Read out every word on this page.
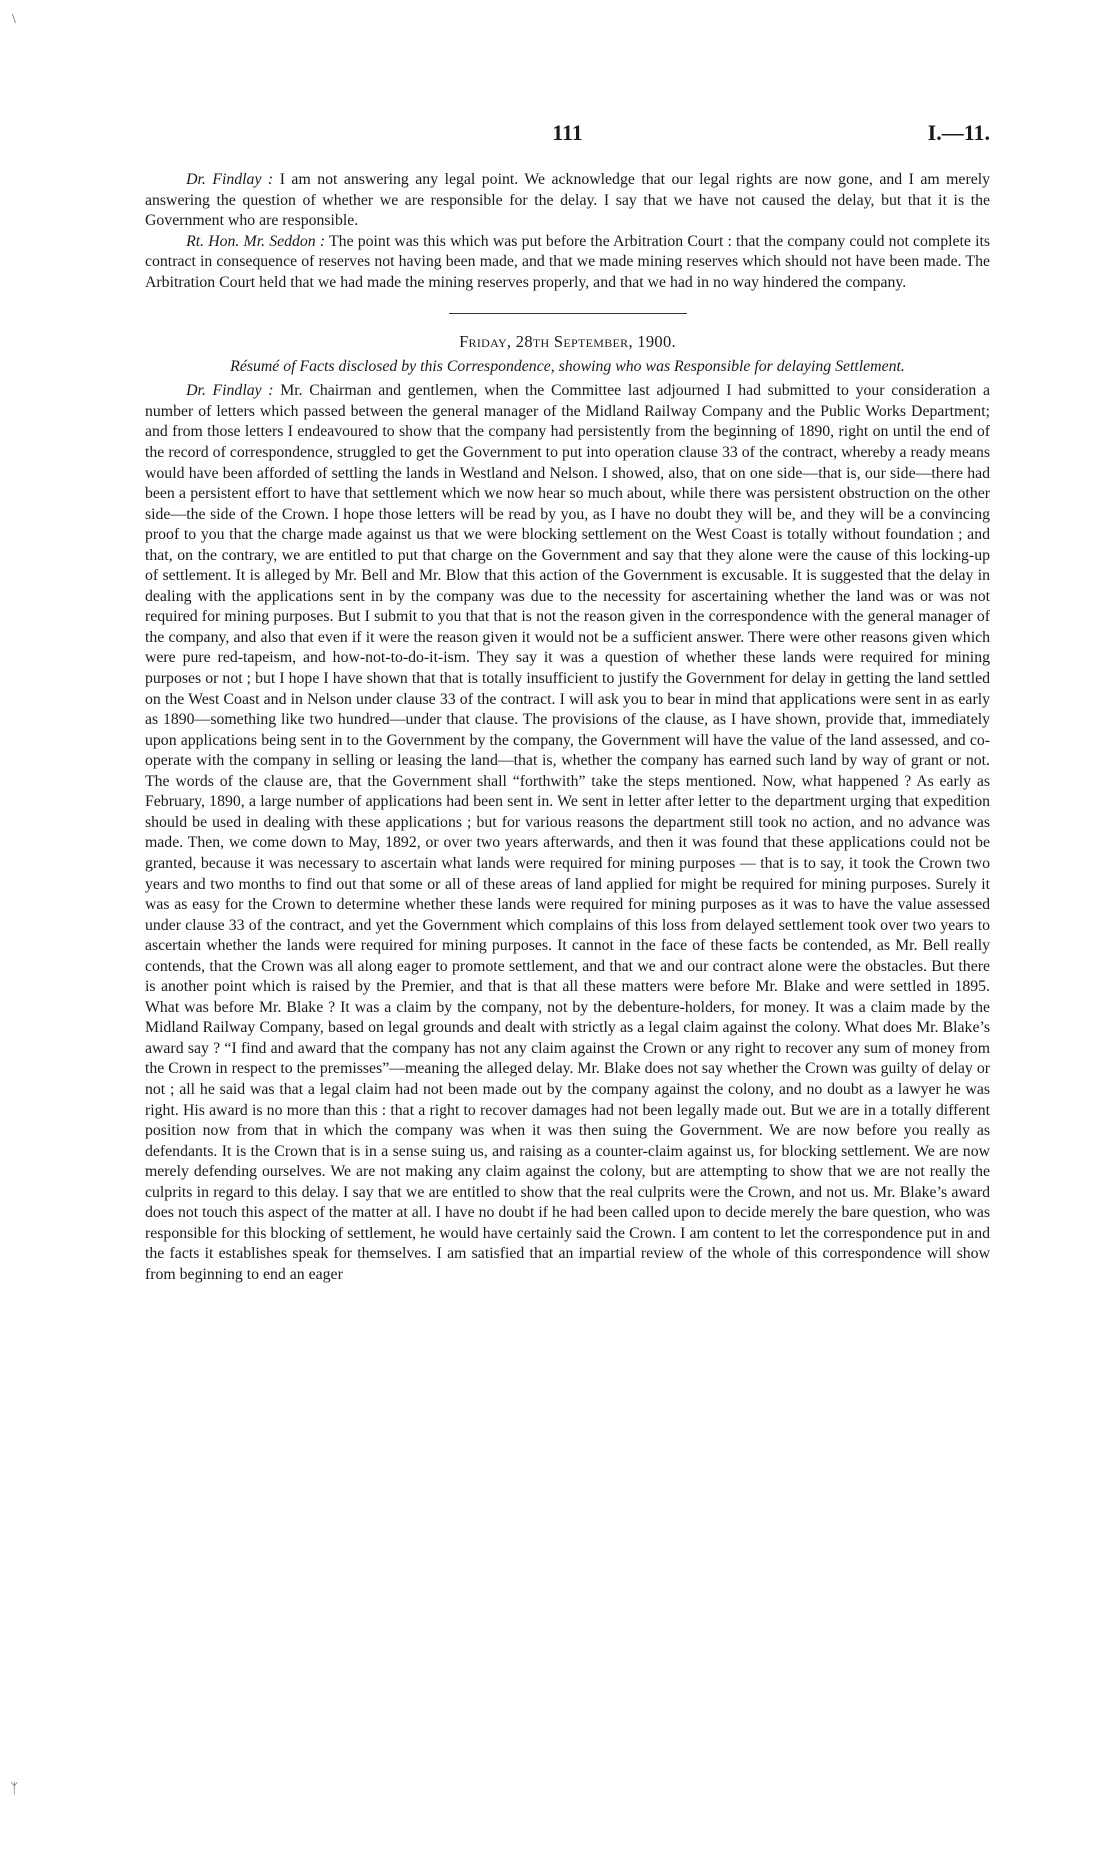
\
ᛉ
111	I.—11.

Dr. Findlay : I am not answering any legal point. We acknowledge that our legal rights are now gone, and I am merely answering the question of whether we are responsible for the delay. I say that we have not caused the delay, but that it is the Government who are responsible.

Rt. Hon. Mr. Seddon : The point was this which was put before the Arbitration Court : that the company could not complete its contract in consequence of reserves not having been made, and that we made mining reserves which should not have been made. The Arbitration Court held that we had made the mining reserves properly, and that we had in no way hindered the company.

Friday, 28th September, 1900.
Résumé of Facts disclosed by this Correspondence, showing who was Responsible for delaying Settlement.

Dr. Findlay : Mr. Chairman and gentlemen, when the Committee last adjourned I had submitted to your consideration a number of letters which passed between the general manager of the Midland Railway Company and the Public Works Department; and from those letters I endeavoured to show that the company had persistently from the beginning of 1890, right on until the end of the record of correspondence, struggled to get the Government to put into operation clause 33 of the contract, whereby a ready means would have been afforded of settling the lands in Westland and Nelson. I showed, also, that on one side—that is, our side—there had been a persistent effort to have that settlement which we now hear so much about, while there was persistent obstruction on the other side—the side of the Crown. I hope those letters will be read by you, as I have no doubt they will be, and they will be a convincing proof to you that the charge made against us that we were blocking settlement on the West Coast is totally without foundation ; and that, on the contrary, we are entitled to put that charge on the Government and say that they alone were the cause of this locking-up of settlement. It is alleged by Mr. Bell and Mr. Blow that this action of the Government is excusable. It is suggested that the delay in dealing with the applications sent in by the company was due to the necessity for ascertaining whether the land was or was not required for mining purposes. But I submit to you that that is not the reason given in the correspondence with the general manager of the company, and also that even if it were the reason given it would not be a sufficient answer. There were other reasons given which were pure red-tapeism, and how-not-to-do-it-ism. They say it was a question of whether these lands were required for mining purposes or not ; but I hope I have shown that that is totally insufficient to justify the Government for delay in getting the land settled on the West Coast and in Nelson under clause 33 of the contract. I will ask you to bear in mind that applications were sent in as early as 1890—something like two hundred—under that clause. The provisions of the clause, as I have shown, provide that, immediately upon applications being sent in to the Government by the company, the Government will have the value of the land assessed, and co-operate with the company in selling or leasing the land—that is, whether the company has earned such land by way of grant or not. The words of the clause are, that the Government shall “forthwith” take the steps mentioned. Now, what happened ? As early as February, 1890, a large number of applications had been sent in. We sent in letter after letter to the department urging that expedition should be used in dealing with these applications ; but for various reasons the department still took no action, and no advance was made. Then, we come down to May, 1892, or over two years afterwards, and then it was found that these applications could not be granted, because it was necessary to ascertain what lands were required for mining purposes — that is to say, it took the Crown two years and two months to find out that some or all of these areas of land applied for might be required for mining purposes. Surely it was as easy for the Crown to determine whether these lands were required for mining purposes as it was to have the value assessed under clause 33 of the contract, and yet the Government which complains of this loss from delayed settlement took over two years to ascertain whether the lands were required for mining purposes. It cannot in the face of these facts be contended, as Mr. Bell really contends, that the Crown was all along eager to promote settlement, and that we and our contract alone were the obstacles. But there is another point which is raised by the Premier, and that is that all these matters were before Mr. Blake and were settled in 1895. What was before Mr. Blake ? It was a claim by the company, not by the debenture-holders, for money. It was a claim made by the Midland Railway Company, based on legal grounds and dealt with strictly as a legal claim against the colony. What does Mr. Blake’s award say ? “I find and award that the company has not any claim against the Crown or any right to recover any sum of money from the Crown in respect to the premisses”—meaning the alleged delay. Mr. Blake does not say whether the Crown was guilty of delay or not ; all he said was that a legal claim had not been made out by the company against the colony, and no doubt as a lawyer he was right. His award is no more than this : that a right to recover damages had not been legally made out. But we are in a totally different position now from that in which the company was when it was then suing the Government. We are now before you really as defendants. It is the Crown that is in a sense suing us, and raising as a counter-claim against us, for blocking settlement. We are now merely defending ourselves. We are not making any claim against the colony, but are attempting to show that we are not really the culprits in regard to this delay. I say that we are entitled to show that the real culprits were the Crown, and not us. Mr. Blake’s award does not touch this aspect of the matter at all. I have no doubt if he had been called upon to decide merely the bare question, who was responsible for this blocking of settlement, he would have certainly said the Crown. I am content to let the correspondence put in and the facts it establishes speak for themselves. I am satisfied that an impartial review of the whole of this correspondence will show from beginning to end an eager
